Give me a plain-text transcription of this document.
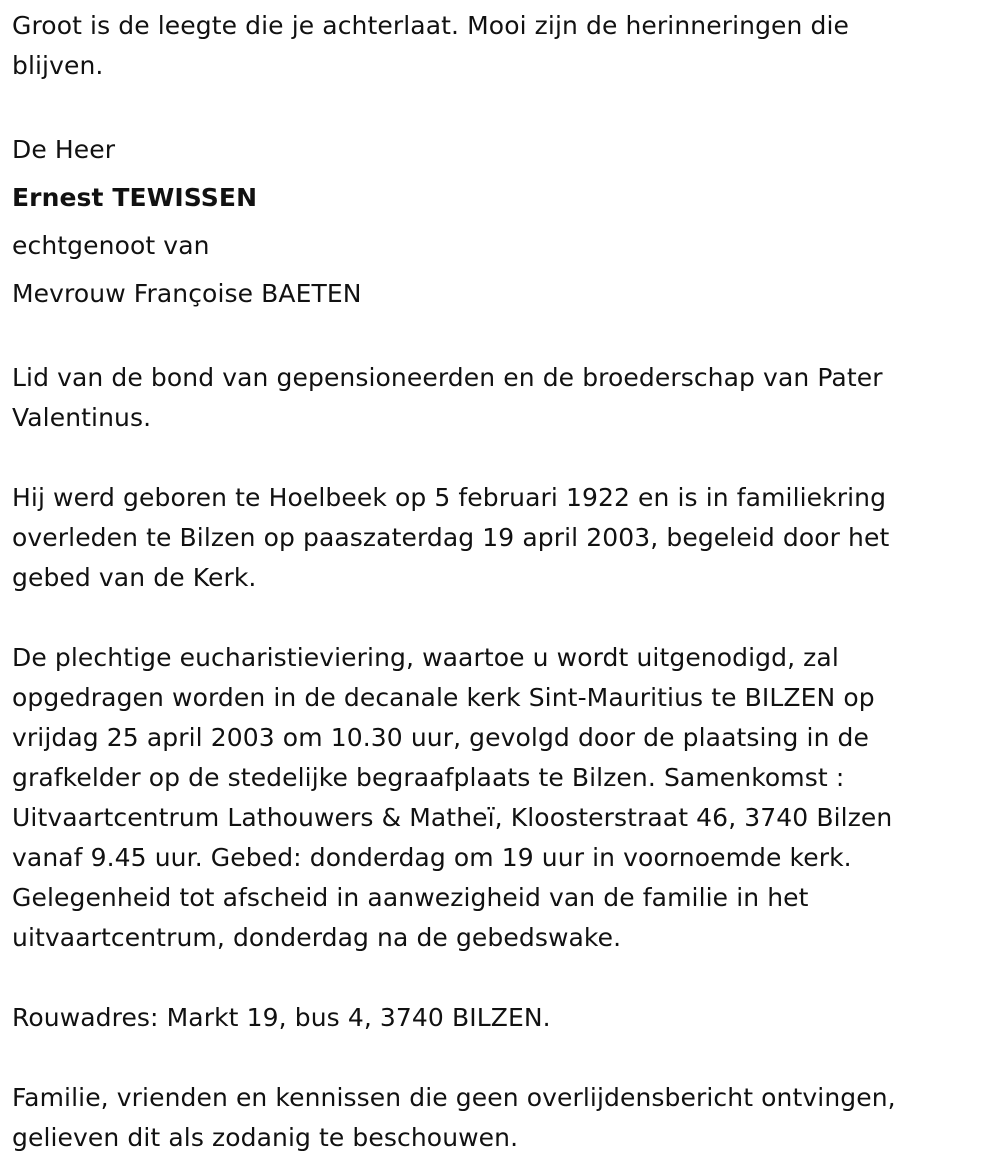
Groot is de leegte die je achterlaat. Mooi zijn de herinneringen die

blijven.

De Heer

Ernest TEWISSEN

echtgenoot van

Mevrouw Françoise BAETEN

Lid van de bond van gepensioneerden en de broederschap van Pater

Valentinus.

Hij werd geboren te Hoelbeek op 5 februari 1922 en is in familiekring

overleden te Bilzen op paaszaterdag 19 april 2003, begeleid door het

gebed van de Kerk.

De plechtige eucharistieviering, waartoe u wordt uitgenodigd, zal

opgedragen worden in de decanale kerk Sint-Mauritius te BILZEN op

vrijdag 25 april 2003 om 10.30 uur, gevolgd door de plaatsing in de

grafkelder op de stedelijke begraafplaats te Bilzen. Samenkomst :

Uitvaartcentrum Lathouwers & Matheï, Kloosterstraat 46, 3740 Bilzen

vanaf 9.45 uur. Gebed: donderdag om 19 uur in voornoemde kerk.

Gelegenheid tot afscheid in aanwezigheid van de familie in het

uitvaartcentrum, donderdag na de gebedswake.

Rouwadres: Markt 19, bus 4, 3740 BILZEN.

Familie, vrienden en kennissen die geen overlijdensbericht ontvingen,

gelieven dit als zodanig te beschouwen.
